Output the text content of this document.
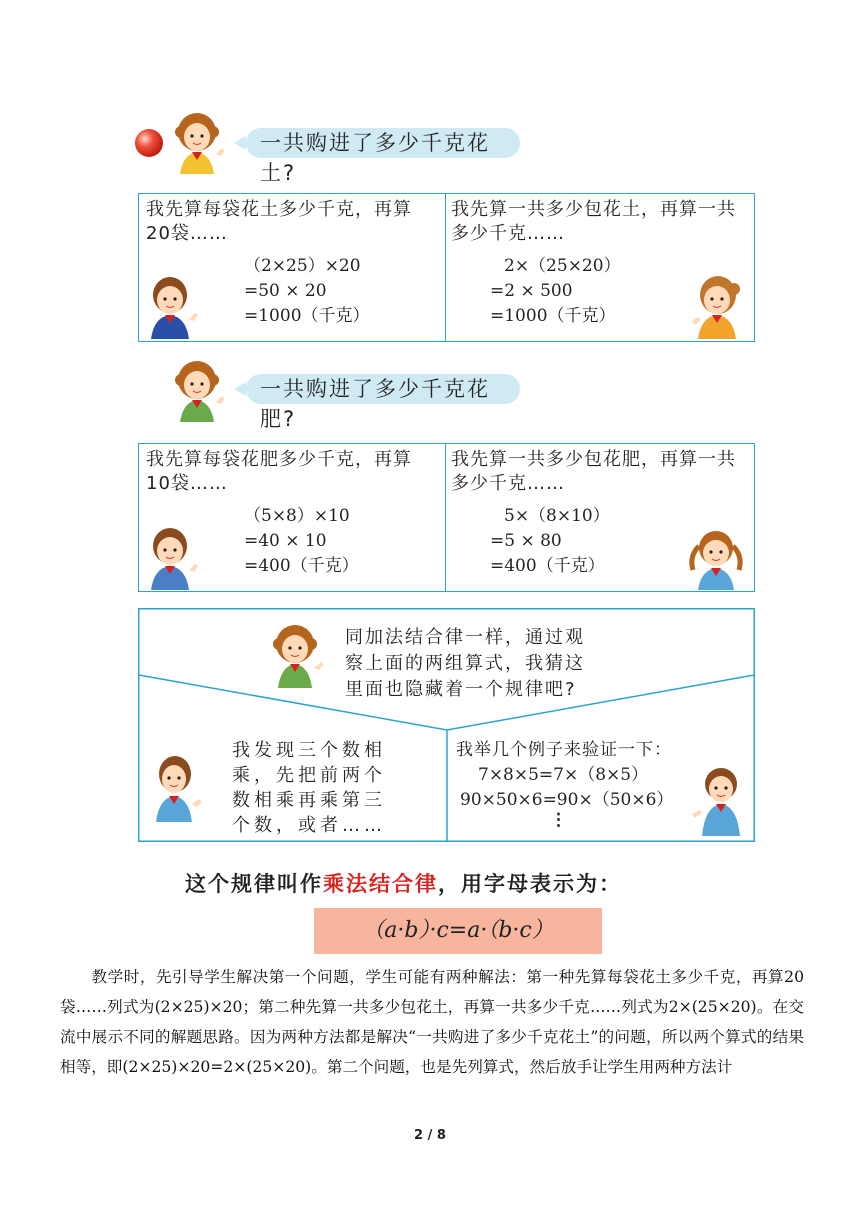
一共购进了多少千克花土?
我先算每袋花土多少千克，再算20袋……
（2×25）×20
=50 × 20
=1000（千克）
我先算一共多少包花土，再算一共多少千克……
2×（25×20）
=2 × 500
=1000（千克）
一共购进了多少千克花肥?
我先算每袋花肥多少千克，再算10袋……
（5×8）×10
=40 × 10
=400（千克）
我先算一共多少包花肥，再算一共多少千克……
5×（8×10）
=5 × 80
=400（千克）
同加法结合律一样，通过观察上面的两组算式，我猜这里面也隐藏着一个规律吧?
我发现三个数相乘，先把前两个数相乘再乘第三个数，或者……
我举几个例子来验证一下：
7×8×5=7×（8×5）
90×50×6=90×（50×6）
⋮
这个规律叫作乘法结合律，用字母表示为：
（a·b）·c=a·（b·c）
教学时，先引导学生解决第一个问题，学生可能有两种解法：第一种先算每袋花土多少千克，再算20袋……列式为(2×25)×20；第二种先算一共多少包花土，再算一共多少千克……列式为2×(25×20)。在交流中展示不同的解题思路。因为两种方法都是解决“一共购进了多少千克花土”的问题，所以两个算式的结果相等，即(2×25)×20=2×(25×20)。第二个问题，也是先列算式，然后放手让学生用两种方法计
2 / 8
